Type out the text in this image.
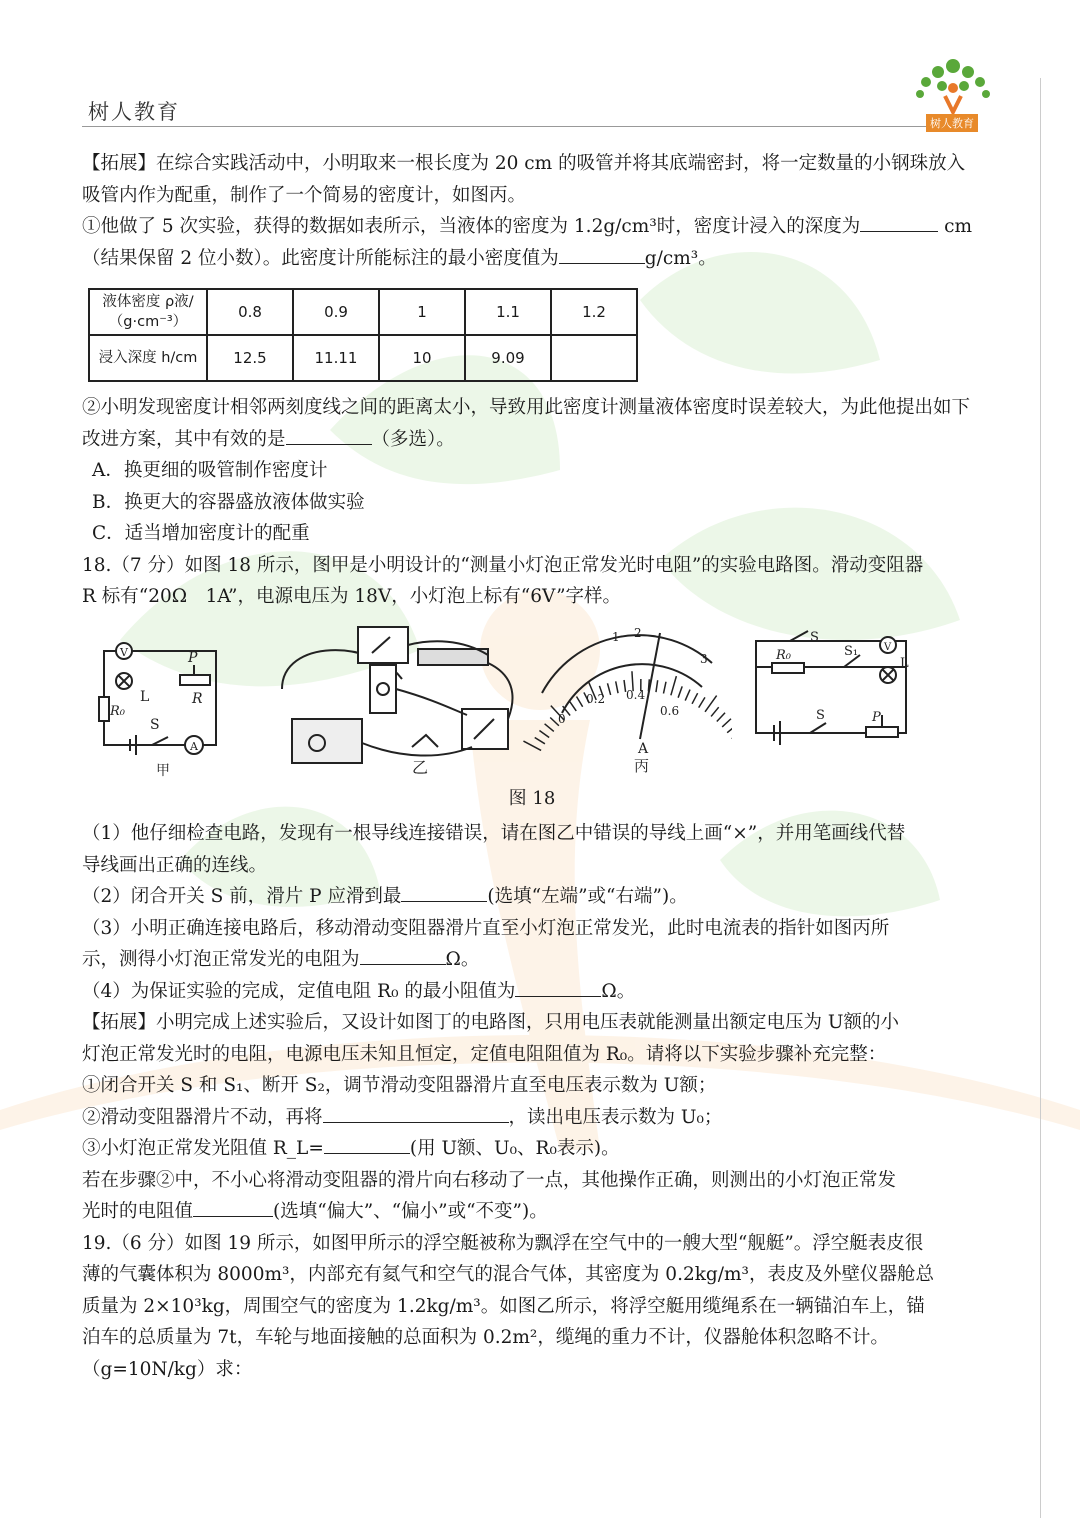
树人教育	树人教育

【拓展】在综合实践活动中，小明取来一根长度为 20 cm 的吸管并将其底端密封，将一定数量的小钢珠放入吸管内作为配重，制作了一个简易的密度计，如图丙。

①他做了 5 次实验，获得的数据如表所示，当液体的密度为 1.2g/cm³时，密度计浸入的深度为	cm

（结果保留 2 位小数）。此密度计所能标注的最小密度值为	g/cm³。

液体密度 ρ液/（g·cm⁻³）	0.8	0.9	1	1.1	1.2
浸入深度 h/cm	12.5	11.11	10	9.09	

②小明发现密度计相邻两刻度线之间的距离太小，导致用此密度计测量液体密度时误差较大，为此他提出如下改进方案，其中有效的是	（多选）。

A．换更细的吸管制作密度计

B．换更大的容器盛放液体做实验

C．适当增加密度计的配重

18.（7 分）如图 18 所示，图甲是小明设计的“测量小灯泡正常发光时电阻”的实验电路图。滑动变阻器

R 标有“20Ω　1A”，电源电压为 18V，小灯泡上标有“6V”字样。

V	P
L	R
R₀
S
A
甲	乙
0
0.2 0.4
0.6
1 2
3
A
丙
S
S₁	V
R₀
L
S	P
图 18

（1）他仔细检查电路，发现有一根导线连接错误，请在图乙中错误的导线上画“×”，并用笔画线代替

导线画出正确的连线。

（2）闭合开关 S 前，滑片 P 应滑到最	(选填“左端”或“右端”)。

（3）小明正确连接电路后，移动滑动变阻器滑片直至小灯泡正常发光，此时电流表的指针如图丙所

示，测得小灯泡正常发光的电阻为	Ω。

（4）为保证实验的完成，定值电阻 R₀ 的最小阻值为	Ω。

【拓展】小明完成上述实验后，又设计如图丁的电路图，只用电压表就能测量出额定电压为 U额的小

灯泡正常发光时的电阻，电源电压未知且恒定，定值电阻阻值为 R₀。请将以下实验步骤补充完整：

①闭合开关 S 和 S₁、断开 S₂，调节滑动变阻器滑片直至电压表示数为 U额；

②滑动变阻器滑片不动，再将	，读出电压表示数为 U₀；

③小灯泡正常发光阻值 R_L=	(用 U额、U₀、R₀表示)。

若在步骤②中，不小心将滑动变阻器的滑片向右移动了一点，其他操作正确，则测出的小灯泡正常发

光时的电阻值	(选填“偏大”、“偏小”或“不变”)。

19.（6 分）如图 19 所示，如图甲所示的浮空艇被称为飘浮在空气中的一艘大型“舰艇”。浮空艇表皮很

薄的气囊体积为 8000m³，内部充有氦气和空气的混合气体，其密度为 0.2kg/m³，表皮及外壁仪器舱总

质量为 2×10³kg，周围空气的密度为 1.2kg/m³。如图乙所示，将浮空艇用缆绳系在一辆锚泊车上，锚

泊车的总质量为 7t，车轮与地面接触的总面积为 0.2m²，缆绳的重力不计，仪器舱体积忽略不计。

（g=10N/kg）求：
